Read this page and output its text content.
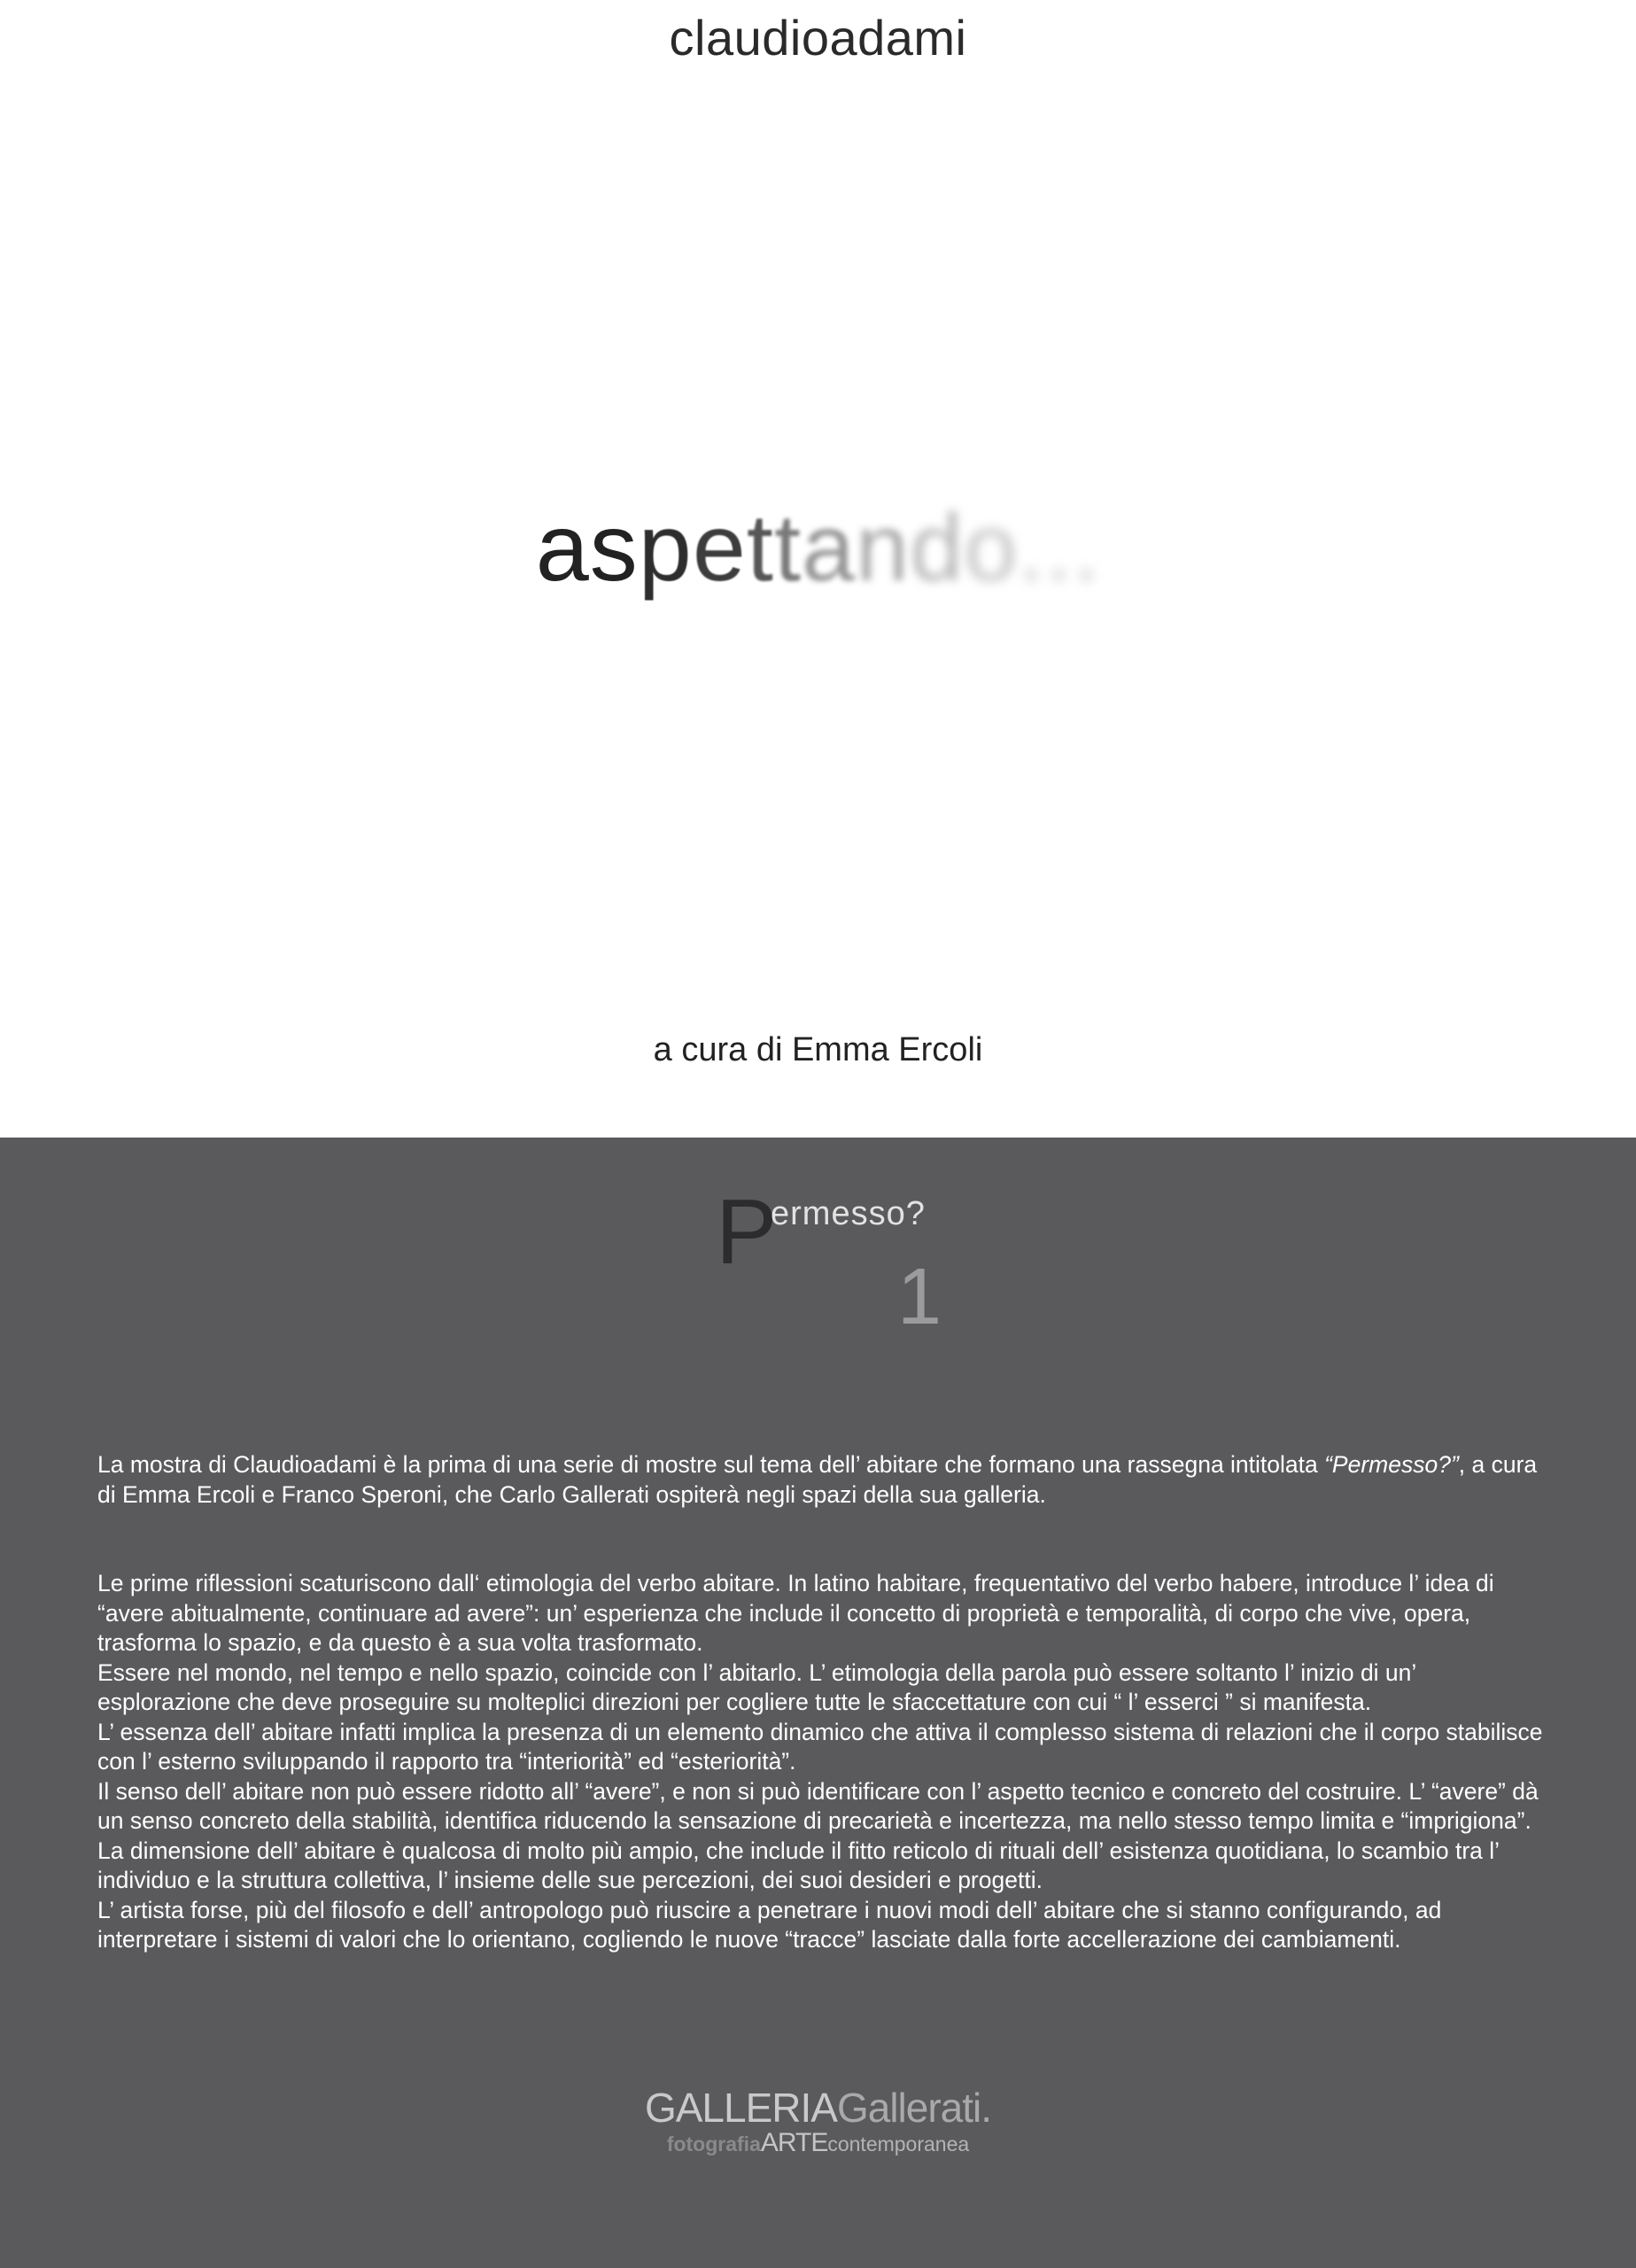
claudioadami
aspettando...
a cura di Emma Ercoli
P
ermesso?
1

La mostra di Claudioadami è la prima di una serie di mostre sul tema dell’ abitare che formano una rassegna intitolata “Permesso?”, a cura di Emma Ercoli e Franco Speroni, che Carlo Gallerati ospiterà negli spazi della sua galleria.

Le prime riflessioni scaturiscono dall‘ etimologia del verbo abitare. In latino habitare, frequentativo del verbo habere, introduce l’ idea di “avere abitualmente, continuare ad avere”: un’ esperienza che include il concetto di proprietà e temporalità, di corpo che vive, opera, trasforma lo spazio, e da questo è a sua volta trasformato.

Essere nel mondo, nel tempo e nello spazio, coincide con l’ abitarlo. L’ etimologia della parola può essere soltanto l’ inizio di un’ esplorazione che deve proseguire su molteplici direzioni per cogliere tutte le sfaccettature con cui “ l’ esserci ” si manifesta.

L’ essenza dell’ abitare infatti implica la presenza di un elemento dinamico che attiva il complesso sistema di relazioni che il corpo stabilisce con l’ esterno sviluppando il rapporto tra “interiorità” ed “esteriorità”.

Il senso dell’ abitare non può essere ridotto all’ “avere”, e non si può identificare con l’ aspetto tecnico e concreto del costruire. L’ “avere” dà un senso concreto della stabilità, identifica riducendo la sensazione di precarietà e incertezza, ma nello stesso tempo limita e “imprigiona”.

La dimensione dell’ abitare è qualcosa di molto più ampio, che include il fitto reticolo di rituali dell’ esistenza quotidiana, lo scambio tra l’ individuo e la struttura collettiva, l’ insieme delle sue percezioni, dei suoi desideri e progetti.

L’ artista forse, più del filosofo e dell’ antropologo può riuscire a penetrare i nuovi modi dell’ abitare che si stanno configurando, ad interpretare i sistemi di valori che lo orientano, cogliendo le nuove “tracce” lasciate dalla forte accellerazione dei cambiamenti.

GALLERIAGallerati.
fotografiaARTEcontemporanea
